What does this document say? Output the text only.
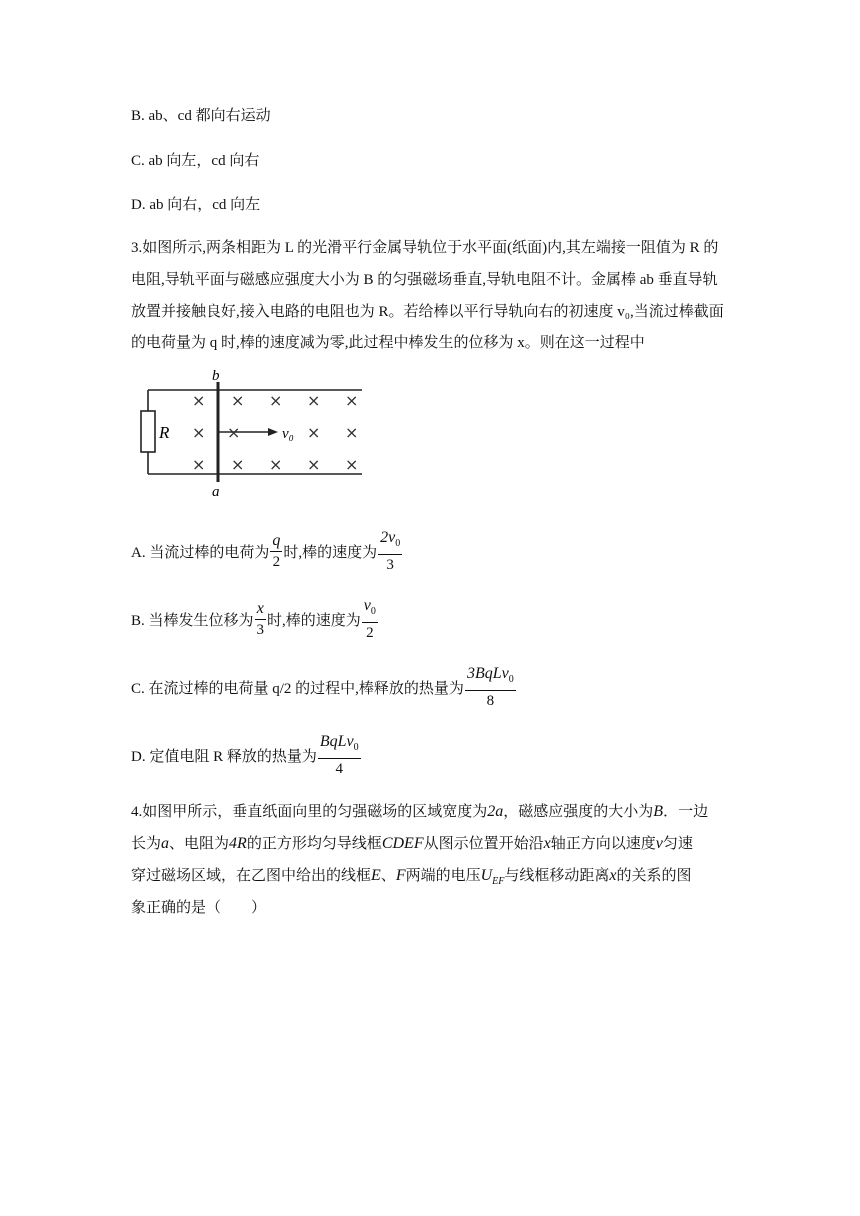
B. ab、cd 都向右运动
C. ab 向左，cd 向右
D. ab 向右，cd 向左
3.如图所示,两条相距为 L 的光滑平行金属导轨位于水平面(纸面)内,其左端接一阻值为 R 的
电阻,导轨平面与磁感应强度大小为 B 的匀强磁场垂直,导轨电阻不计。金属棒 ab 垂直导轨
放置并接触良好,接入电路的电阻也为 R。若给棒以平行导轨向右的初速度 v₀,当流过棒截面
的电荷量为 q 时,棒的速度减为零,此过程中棒发生的位移为 x。则在这一过程中
b
a
R	v₀
× × × × ×
× ×	× ×
× × × × ×
A. 当流过棒的电荷为 $\frac{q}{2}$ 时,棒的速度为 $\frac{2v_0}{3}$
B. 当棒发生位移为 $\frac{x}{3}$ 时,棒的速度为 $\frac{v_0}{2}$
C. 在流过棒的电荷量 q/2 的过程中,棒释放的热量为 $\frac{3BqLv_0}{8}$
D. 定值电阻 R 释放的热量为 $\frac{BqLv_0}{4}$
4.如图甲所示，垂直纸面向里的匀强磁场的区域宽度为2a，磁感应强度的大小为B．一边
长为a、电阻为4R的正方形均匀导线框CDEF从图示位置开始沿x轴正方向以速度v匀速
穿过磁场区域，在乙图中给出的线框E、F两端的电压$U_{EF}$与线框移动距离x的关系的图
象正确的是（　　）
